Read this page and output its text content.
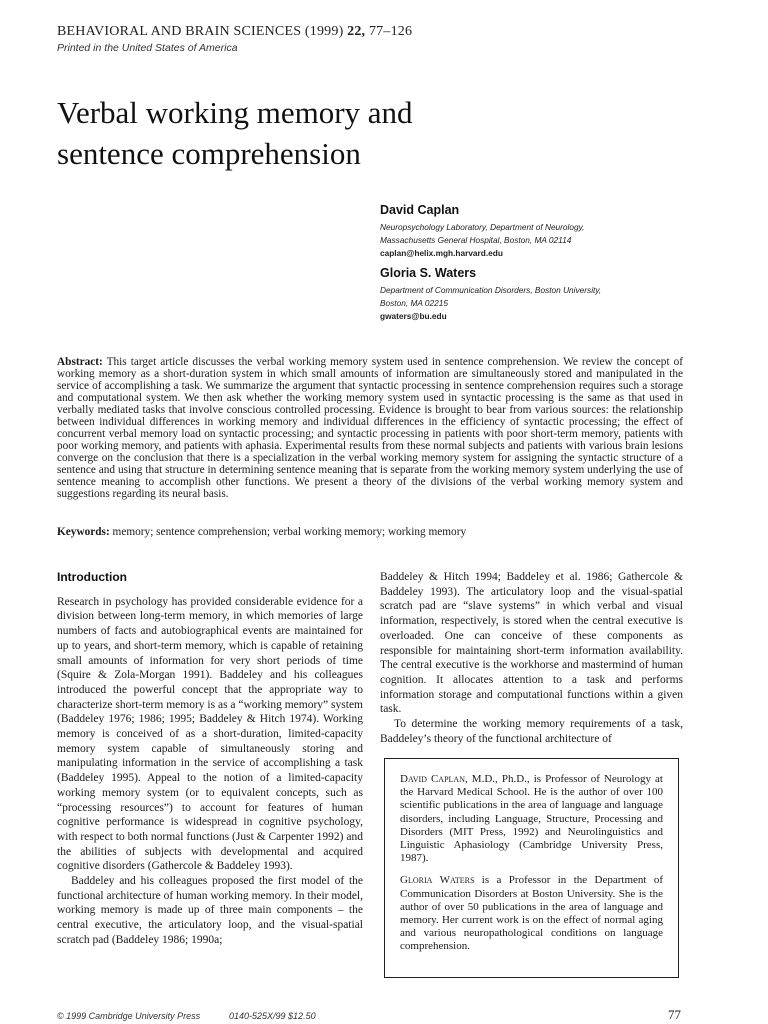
BEHAVIORAL AND BRAIN SCIENCES (1999) 22, 77–126
Printed in the United States of America
Verbal working memory and
sentence comprehension
David Caplan
Neuropsychology Laboratory, Department of Neurology,
Massachusetts General Hospital, Boston, MA 02114
caplan@helix.mgh.harvard.edu
Gloria S. Waters
Department of Communication Disorders, Boston University,
Boston, MA 02215
gwaters@bu.edu
Abstract: This target article discusses the verbal working memory system used in sentence comprehension. We review the concept of working memory as a short-duration system in which small amounts of information are simultaneously stored and manipulated in the service of accomplishing a task. We summarize the argument that syntactic processing in sentence comprehension requires such a storage and computational system. We then ask whether the working memory system used in syntactic processing is the same as that used in verbally mediated tasks that involve conscious controlled processing. Evidence is brought to bear from various sources: the relationship between individual differences in working memory and individual differences in the efficiency of syntactic processing; the effect of concurrent verbal memory load on syntactic processing; and syntactic processing in patients with poor short-term memory, patients with poor working memory, and patients with aphasia. Experimental results from these normal subjects and patients with various brain lesions converge on the conclusion that there is a specialization in the verbal working memory system for assigning the syntactic structure of a sentence and using that structure in determining sentence meaning that is separate from the working memory system underlying the use of sentence meaning to accomplish other functions. We present a theory of the divisions of the verbal working memory system and suggestions regarding its neural basis.
Keywords: memory; sentence comprehension; verbal working memory; working memory
Introduction

Research in psychology has provided considerable evidence for a division between long-term memory, in which memories of large numbers of facts and autobiographical events are maintained for up to years, and short-term memory, which is capable of retaining small amounts of information for very short periods of time (Squire & Zola-Morgan 1991). Baddeley and his colleagues introduced the powerful concept that the appropriate way to characterize short-term memory is as a “working memory” system (Baddeley 1976; 1986; 1995; Baddeley & Hitch 1974). Working memory is conceived of as a short-duration, limited-capacity memory system capable of simultaneously storing and manipulating information in the service of accomplishing a task (Baddeley 1995). Appeal to the notion of a limited-capacity working memory system (or to equivalent concepts, such as “processing resources”) to account for features of human cognitive performance is widespread in cognitive psychology, with respect to both normal functions (Just & Carpenter 1992) and the abilities of subjects with developmental and acquired cognitive disorders (Gathercole & Baddeley 1993).

Baddeley and his colleagues proposed the first model of the functional architecture of human working memory. In their model, working memory is made up of three main components – the central executive, the articulatory loop, and the visual-spatial scratch pad (Baddeley 1986; 1990a;

Baddeley & Hitch 1994; Baddeley et al. 1986; Gathercole & Baddeley 1993). The articulatory loop and the visual-spatial scratch pad are “slave systems” in which verbal and visual information, respectively, is stored when the central executive is overloaded. One can conceive of these components as responsible for maintaining short-term information availability. The central executive is the workhorse and mastermind of human cognition. It allocates attention to a task and performs information storage and computational functions within a given task.

To determine the working memory requirements of a task, Baddeley’s theory of the functional architecture of

David Caplan, M.D., Ph.D., is Professor of Neurology at the Harvard Medical School. He is the author of over 100 scientific publications in the area of language and language disorders, including Language, Structure, Processing and Disorders (MIT Press, 1992) and Neurolinguistics and Linguistic Aphasiology (Cambridge University Press, 1987).

Gloria Waters is a Professor in the Department of Communication Disorders at Boston University. She is the author of over 50 publications in the area of language and memory. Her current work is on the effect of normal aging and various neuropathological conditions on language comprehension.

© 1999 Cambridge University Press	0140-525X/99 $12.50	77
